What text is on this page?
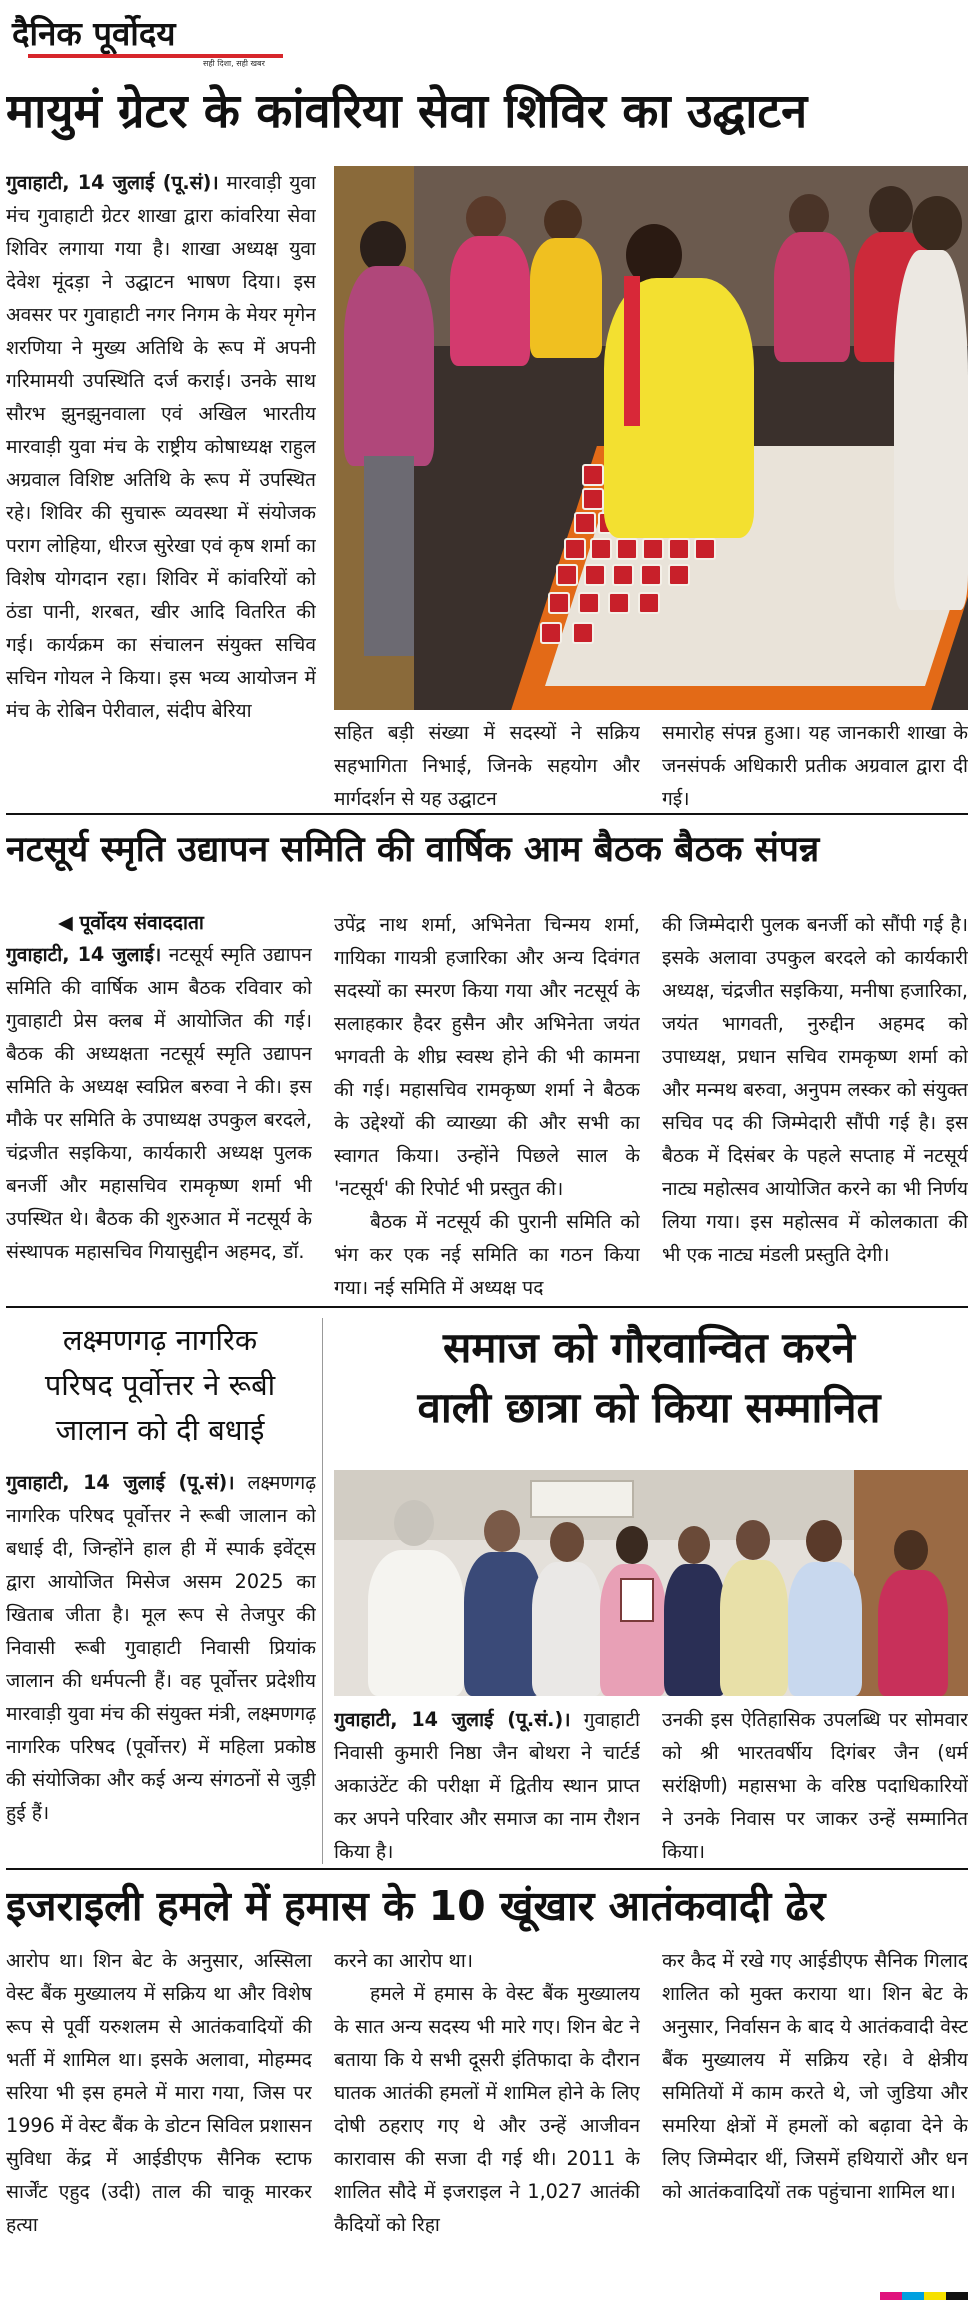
दैनिक पूर्वोदय
सही दिशा, सही खबर
मायुमं ग्रेटर के कांवरिया सेवा शिविर का उद्घाटन

गुवाहाटी, 14 जुलाई (पू.सं)। मारवाड़ी युवा मंच गुवाहाटी ग्रेटर शाखा द्वारा कांवरिया सेवा शिविर लगाया गया है। शाखा अध्यक्ष युवा देवेश मूंदड़ा ने उद्घाटन भाषण दिया। इस अवसर पर गुवाहाटी नगर निगम के मेयर मृगेन शरणिया ने मुख्य अतिथि के रूप में अपनी गरिमामयी उपस्थिति दर्ज कराई। उनके साथ सौरभ झुनझुनवाला एवं अखिल भारतीय मारवाड़ी युवा मंच के राष्ट्रीय कोषाध्यक्ष राहुल अग्रवाल विशिष्ट अतिथि के रूप में उपस्थित रहे। शिविर की सुचारू व्यवस्था में संयोजक पराग लोहिया, धीरज सुरेखा एवं कृष शर्मा का विशेष योगदान रहा। शिविर में कांवरियों को ठंडा पानी, शरबत, खीर आदि वितरित की गई। कार्यक्रम का संचालन संयुक्त सचिव सचिन गोयल ने किया। इस भव्य आयोजन में मंच के रोबिन पेरीवाल, संदीप बेरिया

सहित बड़ी संख्या में सदस्यों ने सक्रिय सहभागिता निभाई, जिनके सहयोग और मार्गदर्शन से यह उद्घाटन
समारोह संपन्न हुआ। यह जानकारी शाखा के जनसंपर्क अधिकारी प्रतीक अग्रवाल द्वारा दी गई।
नटसूर्य स्मृति उद्यापन समिति की वार्षिक आम बैठक बैठक संपन्न
◀ पूर्वोदय संवाददाता

गुवाहाटी, 14 जुलाई। नटसूर्य स्मृति उद्यापन समिति की वार्षिक आम बैठक रविवार को गुवाहाटी प्रेस क्लब में आयोजित की गई। बैठक की अध्यक्षता नटसूर्य स्मृति उद्यापन समिति के अध्यक्ष स्वप्निल बरुवा ने की। इस मौके पर समिति के उपाध्यक्ष उपकुल बरदले, चंद्रजीत सइकिया, कार्यकारी अध्यक्ष पुलक बनर्जी और महासचिव रामकृष्ण शर्मा भी उपस्थित थे। बैठक की शुरुआत में नटसूर्य के संस्थापक महासचिव गियासुद्दीन अहमद, डॉ.

उपेंद्र नाथ शर्मा, अभिनेता चिन्मय शर्मा, गायिका गायत्री हजारिका और अन्य दिवंगत सदस्यों का स्मरण किया गया और नटसूर्य के सलाहकार हैदर हुसैन और अभिनेता जयंत भगवती के शीघ्र स्वस्थ होने की भी कामना की गई। महासचिव रामकृष्ण शर्मा ने बैठक के उद्देश्यों की व्याख्या की और सभी का स्वागत किया। उन्होंने पिछले साल के 'नटसूर्य' की रिपोर्ट भी प्रस्तुत की।

बैठक में नटसूर्य की पुरानी समिति को भंग कर एक नई समिति का गठन किया गया। नई समिति में अध्यक्ष पद

की जिम्मेदारी पुलक बनर्जी को सौंपी गई है। इसके अलावा उपकुल बरदले को कार्यकारी अध्यक्ष, चंद्रजीत सइकिया, मनीषा हजारिका, जयंत भागवती, नुरुद्दीन अहमद को उपाध्यक्ष, प्रधान सचिव रामकृष्ण शर्मा को और मन्मथ बरुवा, अनुपम लस्कर को संयुक्त सचिव पद की जिम्मेदारी सौंपी गई है। इस बैठक में दिसंबर के पहले सप्ताह में नटसूर्य नाट्य महोत्सव आयोजित करने का भी निर्णय लिया गया। इस महोत्सव में कोलकाता की भी एक नाट्य मंडली प्रस्तुति देगी।
लक्ष्मणगढ़ नागरिक
परिषद पूर्वोत्तर ने रूबी
जालान को दी बधाई

गुवाहाटी, 14 जुलाई (पू.सं)। लक्ष्मणगढ़ नागरिक परिषद पूर्वोत्तर ने रूबी जालान को बधाई दी, जिन्होंने हाल ही में स्पार्क इवेंट्स द्वारा आयोजित मिसेज असम 2025 का खिताब जीता है। मूल रूप से तेजपुर की निवासी रूबी गुवाहाटी निवासी प्रियांक जालान की धर्मपत्नी हैं। वह पूर्वोत्तर प्रदेशीय मारवाड़ी युवा मंच की संयुक्त मंत्री, लक्ष्मणगढ़ नागरिक परिषद (पूर्वोत्तर) में महिला प्रकोष्ठ की संयोजिका और कई अन्य संगठनों से जुड़ी हुई हैं।

समाज को गौरवान्वित करने
वाली छात्रा को किया सम्मानित

गुवाहाटी, 14 जुलाई (पू.सं.)। गुवाहाटी निवासी कुमारी निष्ठा जैन बोथरा ने चार्टर्ड अकाउंटेंट की परीक्षा में द्वितीय स्थान प्राप्त कर अपने परिवार और समाज का नाम रौशन किया है।

उनकी इस ऐतिहासिक उपलब्धि पर सोमवार को श्री भारतवर्षीय दिगंबर जैन (धर्म सरंक्षिणी) महासभा के वरिष्ठ पदाधिकारियों ने उनके निवास पर जाकर उन्हें सम्मानित किया।
इजराइली हमले में हमास के 10 खूंखार आतंकवादी ढेर
आरोप था। शिन बेट के अनुसार, अस्सिला वेस्ट बैंक मुख्यालय में सक्रिय था और विशेष रूप से पूर्वी यरुशलम से आतंकवादियों की भर्ती में शामिल था। इसके अलावा, मोहम्मद सरिया भी इस हमले में मारा गया, जिस पर 1996 में वेस्ट बैंक के डोटन सिविल प्रशासन सुविधा केंद्र में आईडीएफ सैनिक स्टाफ सार्जेंट एहुद (उदी) ताल की चाकू मारकर हत्या

करने का आरोप था।

हमले में हमास के वेस्ट बैंक मुख्यालय के सात अन्य सदस्य भी मारे गए। शिन बेट ने बताया कि ये सभी दूसरी इंतिफादा के दौरान घातक आतंकी हमलों में शामिल होने के लिए दोषी ठहराए गए थे और उन्हें आजीवन कारावास की सजा दी गई थी। 2011 के शालित सौदे में इजराइल ने 1,027 आतंकी कैदियों को रिहा

कर कैद में रखे गए आईडीएफ सैनिक गिलाद शालित को मुक्त कराया था। शिन बेट के अनुसार, निर्वासन के बाद ये आतंकवादी वेस्ट बैंक मुख्यालय में सक्रिय रहे। वे क्षेत्रीय समितियों में काम करते थे, जो जुडिया और समरिया क्षेत्रों में हमलों को बढ़ावा देने के लिए जिम्मेदार थीं, जिसमें हथियारों और धन को आतंकवादियों तक पहुंचाना शामिल था।
